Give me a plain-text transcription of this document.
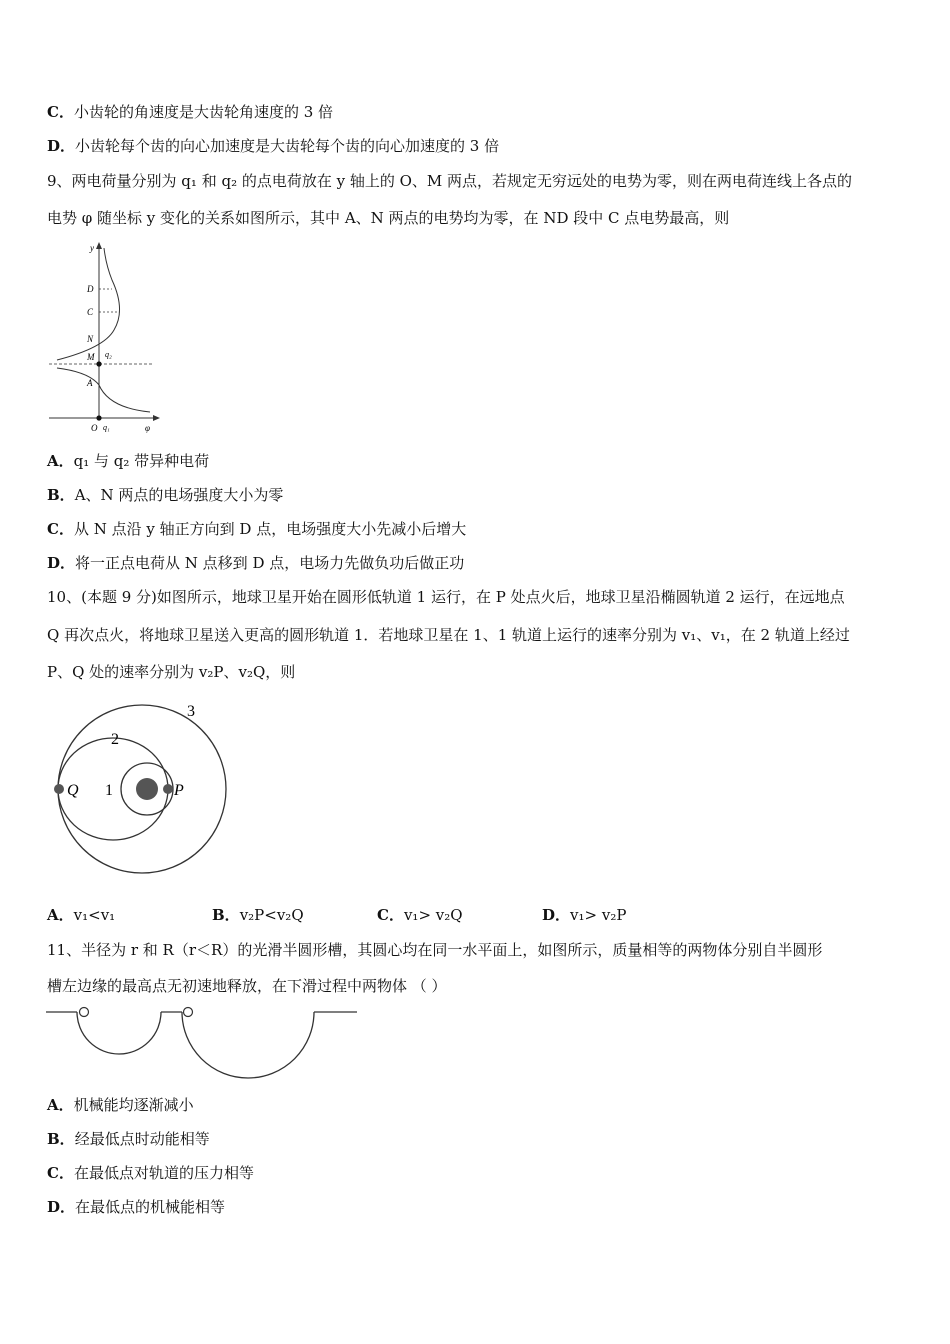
C．小齿轮的角速度是大齿轮角速度的 3 倍
D．小齿轮每个齿的向心加速度是大齿轮每个齿的向心加速度的 3 倍
9、两电荷量分别为 q₁ 和 q₂ 的点电荷放在 y 轴上的 O、M 两点，若规定无穷远处的电势为零，则在两电荷连线上各点的
电势 φ 随坐标 y 变化的关系如图所示，其中 A、N 两点的电势均为零，在 ND 段中 C 点电势最高，则
y
D
C
N
M q₂
A
O q₁	φ
A．q₁ 与 q₂ 带异种电荷
B．A、N 两点的电场强度大小为零
C．从 N 点沿 y 轴正方向到 D 点，电场强度大小先减小后增大
D．将一正点电荷从 N 点移到 D 点，电场力先做负功后做正功
10、(本题 9 分)如图所示，地球卫星开始在圆形低轨道 1 运行，在 P 处点火后，地球卫星沿椭圆轨道 2 运行，在远地点
Q 再次点火，将地球卫星送入更高的圆形轨道 1．若地球卫星在 1、1 轨道上运行的速率分别为 v₁、v₁，在 2 轨道上经过
P、Q 处的速率分别为 v₂P、v₂Q，则
3
2
1
Q	P
A．v₁<v₁	B．v₂P<v₂Q	C．v₁> v₂Q	D．v₁> v₂P
11、半径为 r 和 R（r＜R）的光滑半圆形槽，其圆心均在同一水平面上，如图所示，质量相等的两物体分别自半圆形
槽左边缘的最高点无初速地释放，在下滑过程中两物体 （ ）
A．机械能均逐渐减小
B．经最低点时动能相等
C．在最低点对轨道的压力相等
D．在最低点的机械能相等
